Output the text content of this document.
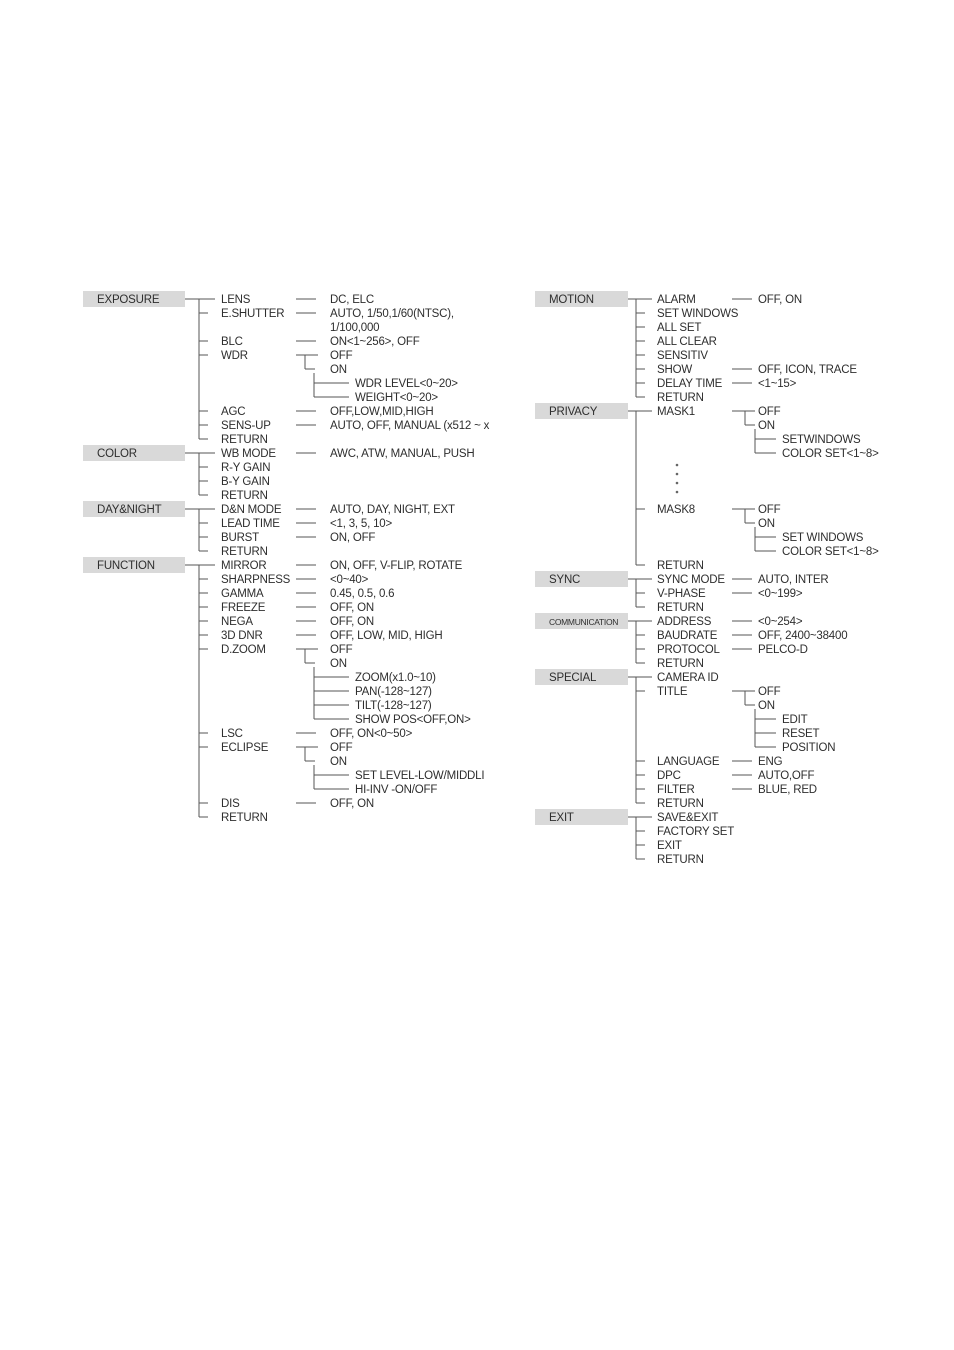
EXPOSURE	LENS	DC, ELC
E.SHUTTER	AUTO, 1/50,1/60(NTSC),
1/100,000
BLC	ON<1~256>, OFF
WDR	OFF
ON
WDR LEVEL<0~20>
WEIGHT<0~20>
AGC	OFF,LOW,MID,HIGH
SENS-UP	AUTO, OFF, MANUAL (x512 ~ x
RETURN
COLOR	WB MODE	AWC, ATW, MANUAL, PUSH
R-Y GAIN
B-Y GAIN
RETURN
DAY&NIGHT	D&N MODE	AUTO, DAY, NIGHT, EXT
LEAD TIME	<1, 3, 5, 10>
BURST	ON, OFF
RETURN
FUNCTION	MIRROR	ON, OFF, V-FLIP, ROTATE
SHARPNESS	<0~40>
GAMMA	0.45, 0.5, 0.6
FREEZE	OFF, ON
NEGA	OFF, ON
3D DNR	OFF, LOW, MID, HIGH
D.ZOOM	OFF
ON
ZOOM(x1.0~10)
PAN(-128~127)
TILT(-128~127)
SHOW POS<OFF,ON>
LSC	OFF, ON<0~50>
ECLIPSE	OFF
ON
SET LEVEL-LOW/MIDDLI
HI-INV -ON/OFF
DIS	OFF, ON
RETURN
MOTION	ALARM	OFF, ON
SET WINDOWS
ALL SET
ALL CLEAR
SENSITIV
SHOW	OFF, ICON, TRACE
DELAY TIME	<1~15>
RETURN
PRIVACY	MASK1	OFF
ON
SETWINDOWS
COLOR SET<1~8>
MASK8	OFF
ON
SET WINDOWS
COLOR SET<1~8>
RETURN
SYNC	SYNC MODE	AUTO, INTER
V-PHASE	<0~199>
RETURN
COMMUNICATION	ADDRESS	<0~254>
BAUDRATE	OFF, 2400~38400
PROTOCOL	PELCO-D
RETURN
SPECIAL	CAMERA ID
TITLE	OFF
ON
EDIT
RESET
POSITION
LANGUAGE	ENG
DPC	AUTO,OFF
FILTER	BLUE, RED
RETURN
EXIT	SAVE&EXIT
FACTORY SET
EXIT
RETURN
